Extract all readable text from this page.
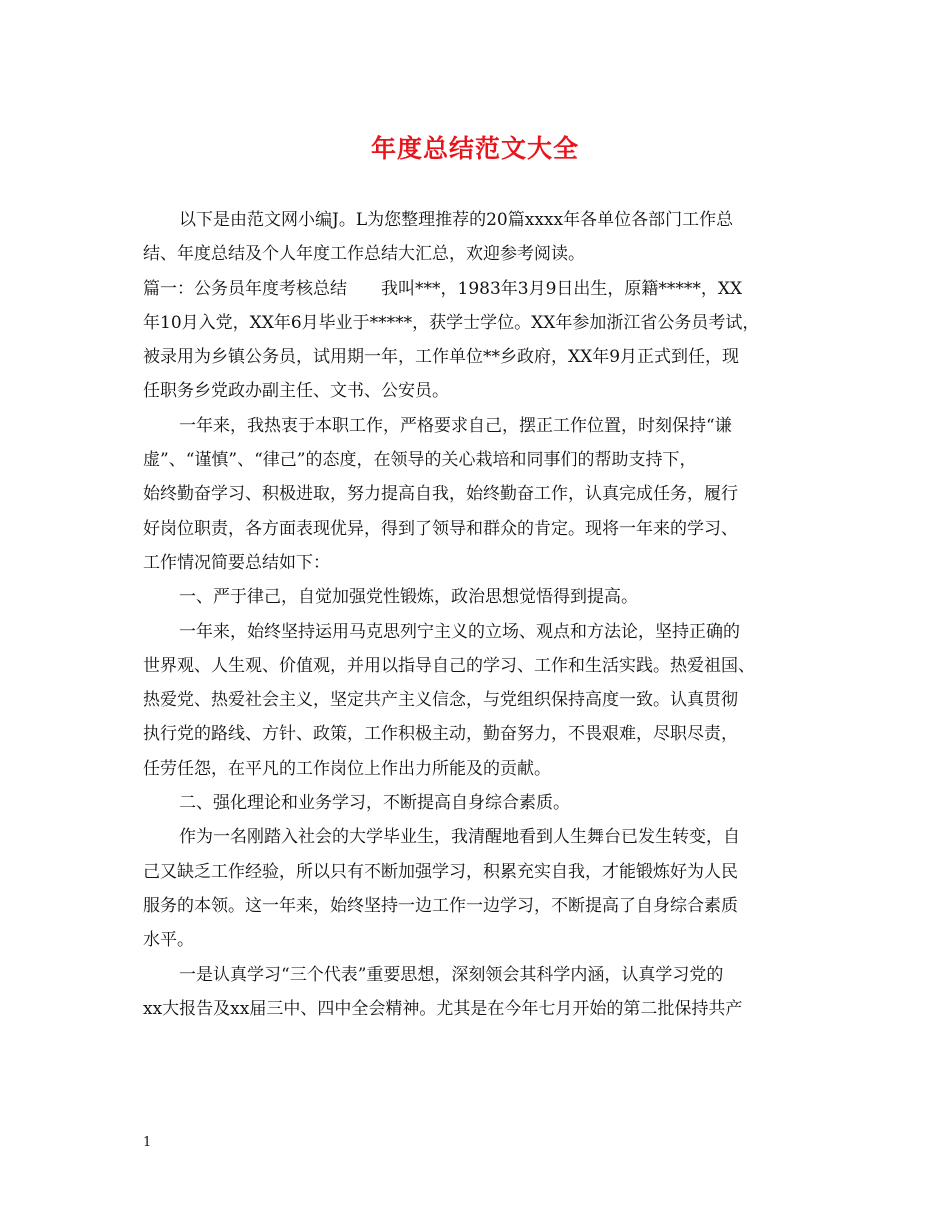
年度总结范文大全
以下是由范文网小编J。L为您整理推荐的20篇xxxx年各单位各部门工作总
结、年度总结及个人年度工作总结大汇总，欢迎参考阅读。
篇一：公务员年度考核总结　　我叫***，1983年3月9日出生，原籍*****，XX
年10月入党，XX年6月毕业于*****，获学士学位。XX年参加浙江省公务员考试，
被录用为乡镇公务员，试用期一年，工作单位**乡政府，XX年9月正式到任，现
任职务乡党政办副主任、文书、公安员。
一年来，我热衷于本职工作，严格要求自己，摆正工作位置，时刻保持“谦
虚”、“谨慎”、“律己”的态度，在领导的关心栽培和同事们的帮助支持下，
始终勤奋学习、积极进取，努力提高自我，始终勤奋工作，认真完成任务，履行
好岗位职责，各方面表现优异，得到了领导和群众的肯定。现将一年来的学习、
工作情况简要总结如下：
一、严于律己，自觉加强党性锻炼，政治思想觉悟得到提高。
一年来，始终坚持运用马克思列宁主义的立场、观点和方法论，坚持正确的
世界观、人生观、价值观，并用以指导自己的学习、工作和生活实践。热爱祖国、
热爱党、热爱社会主义，坚定共产主义信念，与党组织保持高度一致。认真贯彻
执行党的路线、方针、政策，工作积极主动，勤奋努力，不畏艰难，尽职尽责，
任劳任怨，在平凡的工作岗位上作出力所能及的贡献。
二、强化理论和业务学习，不断提高自身综合素质。
作为一名刚踏入社会的大学毕业生，我清醒地看到人生舞台已发生转变，自
己又缺乏工作经验，所以只有不断加强学习，积累充实自我，才能锻炼好为人民
服务的本领。这一年来，始终坚持一边工作一边学习，不断提高了自身综合素质
水平。
一是认真学习“三个代表”重要思想，深刻领会其科学内涵，认真学习党的
xx大报告及xx届三中、四中全会精神。尤其是在今年七月开始的第二批保持共产
1
